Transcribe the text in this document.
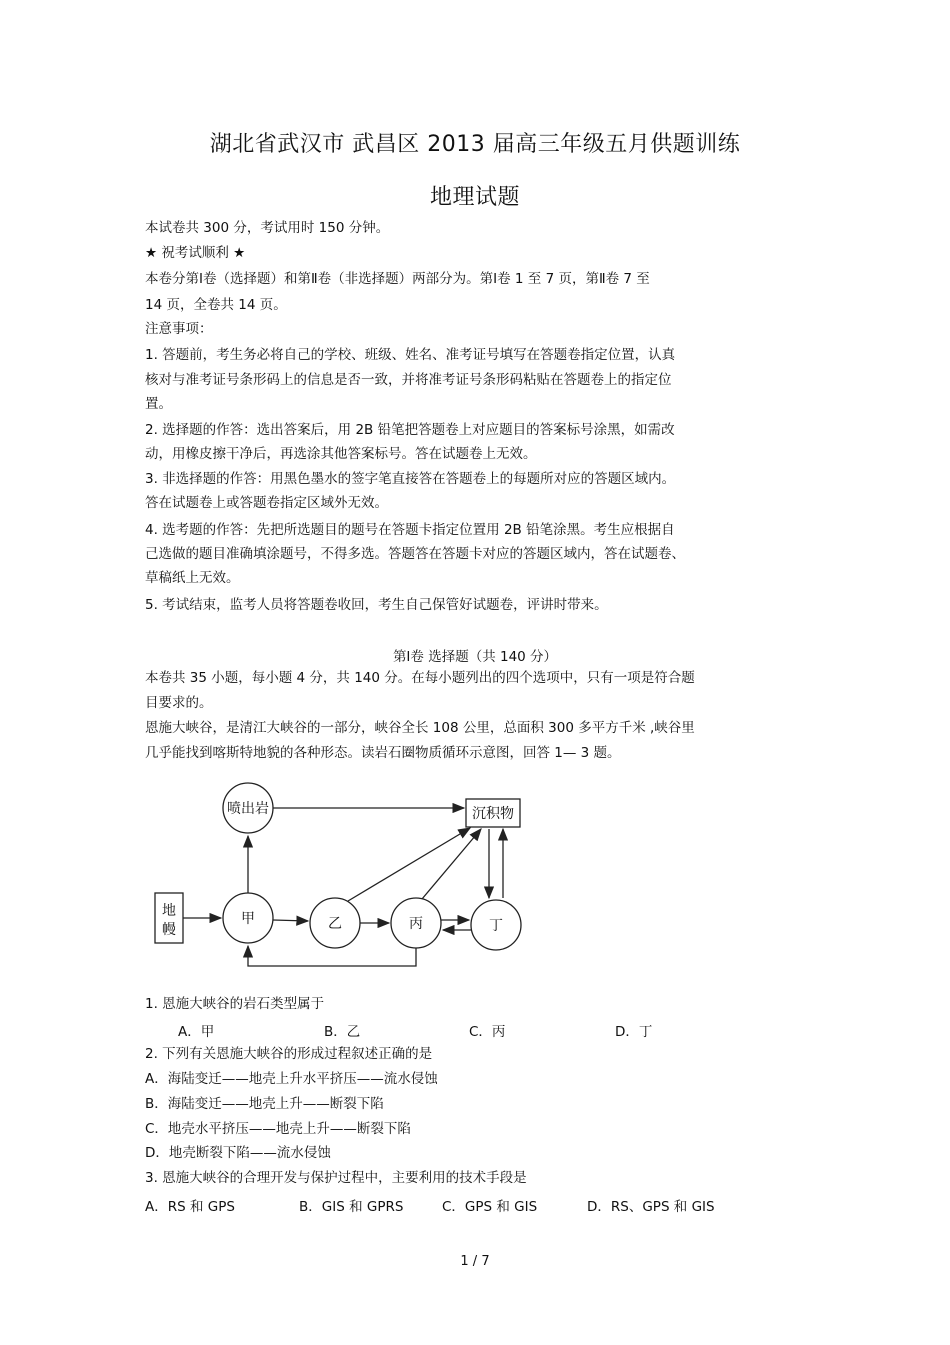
湖北省武汉市 武昌区 2013 届高三年级五月供题训练
地理试题
本试卷共 300 分，考试用时 150 分钟。
★ 祝考试顺利 ★
本卷分第Ⅰ卷（选择题）和第Ⅱ卷（非选择题）两部分为。第Ⅰ卷 1 至 7 页，第Ⅱ卷 7 至
14 页，全卷共 14 页。
注意事项：
1. 答题前，考生务必将自己的学校、班级、姓名、准考证号填写在答题卷指定位置，认真
核对与准考证号条形码上的信息是否一致，并将准考证号条形码粘贴在答题卷上的指定位
置。
2. 选择题的作答：选出答案后，用 2B 铅笔把答题卷上对应题目的答案标号涂黑，如需改
动，用橡皮擦干净后，再选涂其他答案标号。答在试题卷上无效。
3. 非选择题的作答：用黑色墨水的签字笔直接答在答题卷上的每题所对应的答题区域内。
答在试题卷上或答题卷指定区域外无效。
4. 选考题的作答：先把所选题目的题号在答题卡指定位置用 2B 铅笔涂黑。考生应根据自
己选做的题目准确填涂题号，不得多选。答题答在答题卡对应的答题区域内，答在试题卷、
草稿纸上无效。
5. 考试结束，监考人员将答题卷收回，考生自己保管好试题卷，评讲时带来。
第Ⅰ卷 选择题（共 140 分）
本卷共 35 小题，每小题 4 分，共 140 分。在每小题列出的四个选项中，只有一项是符合题
目要求的。
恩施大峡谷，是清江大峡谷的一部分，峡谷全长 108 公里，总面积 300 多平方千米 ,峡谷里
几乎能找到喀斯特地貌的各种形态。读岩石圈物质循环示意图，回答 1— 3 题。
喷出岩	沉积物
地
幔
甲	乙	丙	丁
1. 恩施大峡谷的岩石类型属于
A．甲	B．乙	C．丙	D．丁
2. 下列有关恩施大峡谷的形成过程叙述正确的是
A．海陆变迁——地壳上升水平挤压——流水侵蚀
B．海陆变迁——地壳上升——断裂下陷
C．地壳水平挤压——地壳上升——断裂下陷
D．地壳断裂下陷——流水侵蚀
3. 恩施大峡谷的合理开发与保护过程中，主要利用的技术手段是
A．RS 和 GPS	B．GIS 和 GPRS	C．GPS 和 GIS	D．RS、GPS 和 GIS
1 / 7
